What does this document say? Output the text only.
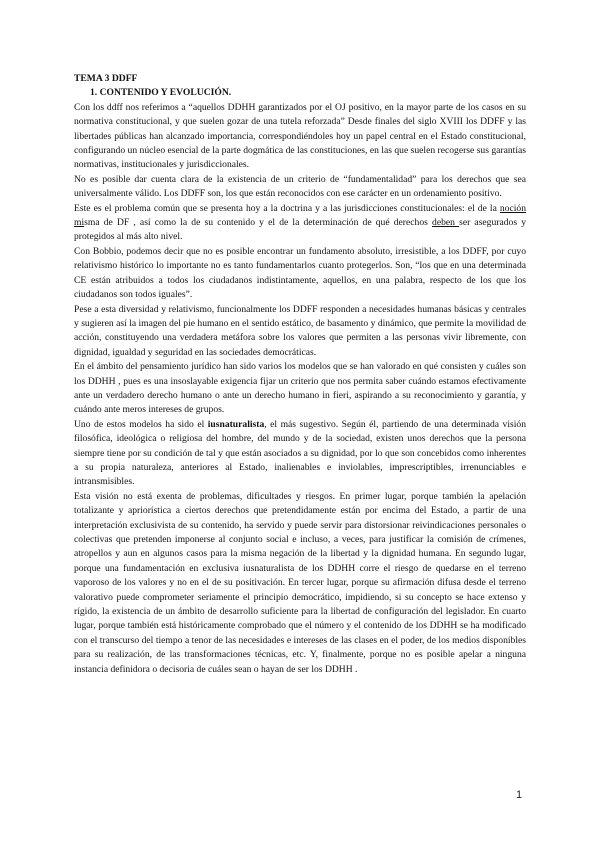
TEMA 3 DDFF
1. CONTENIDO Y EVOLUCIÓN.

Con los ddff nos referimos a “aquellos DDHH garantizados por el OJ positivo, en la mayor parte de los casos en su normativa constitucional, y que suelen gozar de una tutela reforzada” Desde finales del siglo XVIII los DDFF y las libertades públicas han alcanzado importancia, correspondiéndoles hoy un papel central en el Estado constitucional, configurando un núcleo esencial de la parte dogmática de las constituciones, en las que suelen recogerse sus garantías normativas, institucionales y jurisdiccionales.

No es posible dar cuenta clara de la existencia de un criterio de “fundamentalidad” para los derechos que sea universalmente válido. Los DDFF son, los que están reconocidos con ese carácter en un ordenamiento positivo.

Este es el problema común que se presenta hoy a la doctrina y a las jurisdicciones constitucionales: el de la noción misma de DF , así como la de su contenido y el de la determinación de qué derechos deben ser asegurados y protegidos al más alto nivel.

Con Bobbio, podemos decir que no es posible encontrar un fundamento absoluto, irresistible, a los DDFF, por cuyo relativismo histórico lo importante no es tanto fundamentarlos cuanto protegerlos. Son, “los que en una determinada CE están atribuidos a todos los ciudadanos indistintamente, aquellos, en una palabra, respecto de los que los ciudadanos son todos iguales”.

Pese a esta diversidad y relativismo, funcionalmente los DDFF responden a necesidades humanas básicas y centrales y sugieren así la imagen del pie humano en el sentido estático, de basamento y dinámico, que permite la movilidad de acción, constituyendo una verdadera metáfora sobre los valores que permiten a las personas vivir libremente, con dignidad, igualdad y seguridad en las sociedades democráticas.

En el ámbito del pensamiento jurídico han sido varios los modelos que se han valorado en qué consisten y cuáles son los DDHH , pues es una insoslayable exigencia fijar un criterio que nos permita saber cuándo estamos efectivamente ante un verdadero derecho humano o ante un derecho humano in fieri, aspirando a su reconocimiento y garantía, y cuándo ante meros intereses de grupos.

Uno de estos modelos ha sido el iusnaturalista, el más sugestivo. Según él, partiendo de una determinada visión filosófica, ideológica o religiosa del hombre, del mundo y de la sociedad, existen unos derechos que la persona siempre tiene por su condición de tal y que están asociados a su dignidad, por lo que son concebidos como inherentes a su propia naturaleza, anteriores al Estado, inalienables e inviolables, imprescriptibles, irrenunciables e intransmisibles.

Esta visión no está exenta de problemas, dificultades y riesgos. En primer lugar, porque también la apelación totalizante y apriorística a ciertos derechos que pretendidamente están por encima del Estado, a partir de una interpretación exclusivista de su contenido, ha servido y puede servir para distorsionar reivindicaciones personales o colectivas que pretenden imponerse al conjunto social e incluso, a veces, para justificar la comisión de crímenes, atropellos y aun en algunos casos para la misma negación de la libertad y la dignidad humana. En segundo lugar, porque una fundamentación en exclusiva iusnaturalista de los DDHH corre el riesgo de quedarse en el terreno vaporoso de los valores y no en el de su positivación. En tercer lugar, porque su afirmación difusa desde el terreno valorativo puede comprometer seriamente el principio democrático, impidiendo, si su concepto se hace extenso y rígido, la existencia de un ámbito de desarrollo suficiente para la libertad de configuración del legislador. En cuarto lugar, porque también está históricamente comprobado que el número y el contenido de los DDHH se ha modificado con el transcurso del tiempo a tenor de las necesidades e intereses de las clases en el poder, de los medios disponibles para su realización, de las transformaciones técnicas, etc. Y, finalmente, porque no es posible apelar a ninguna instancia definidora o decisoria de cuáles sean o hayan de ser los DDHH .

1
